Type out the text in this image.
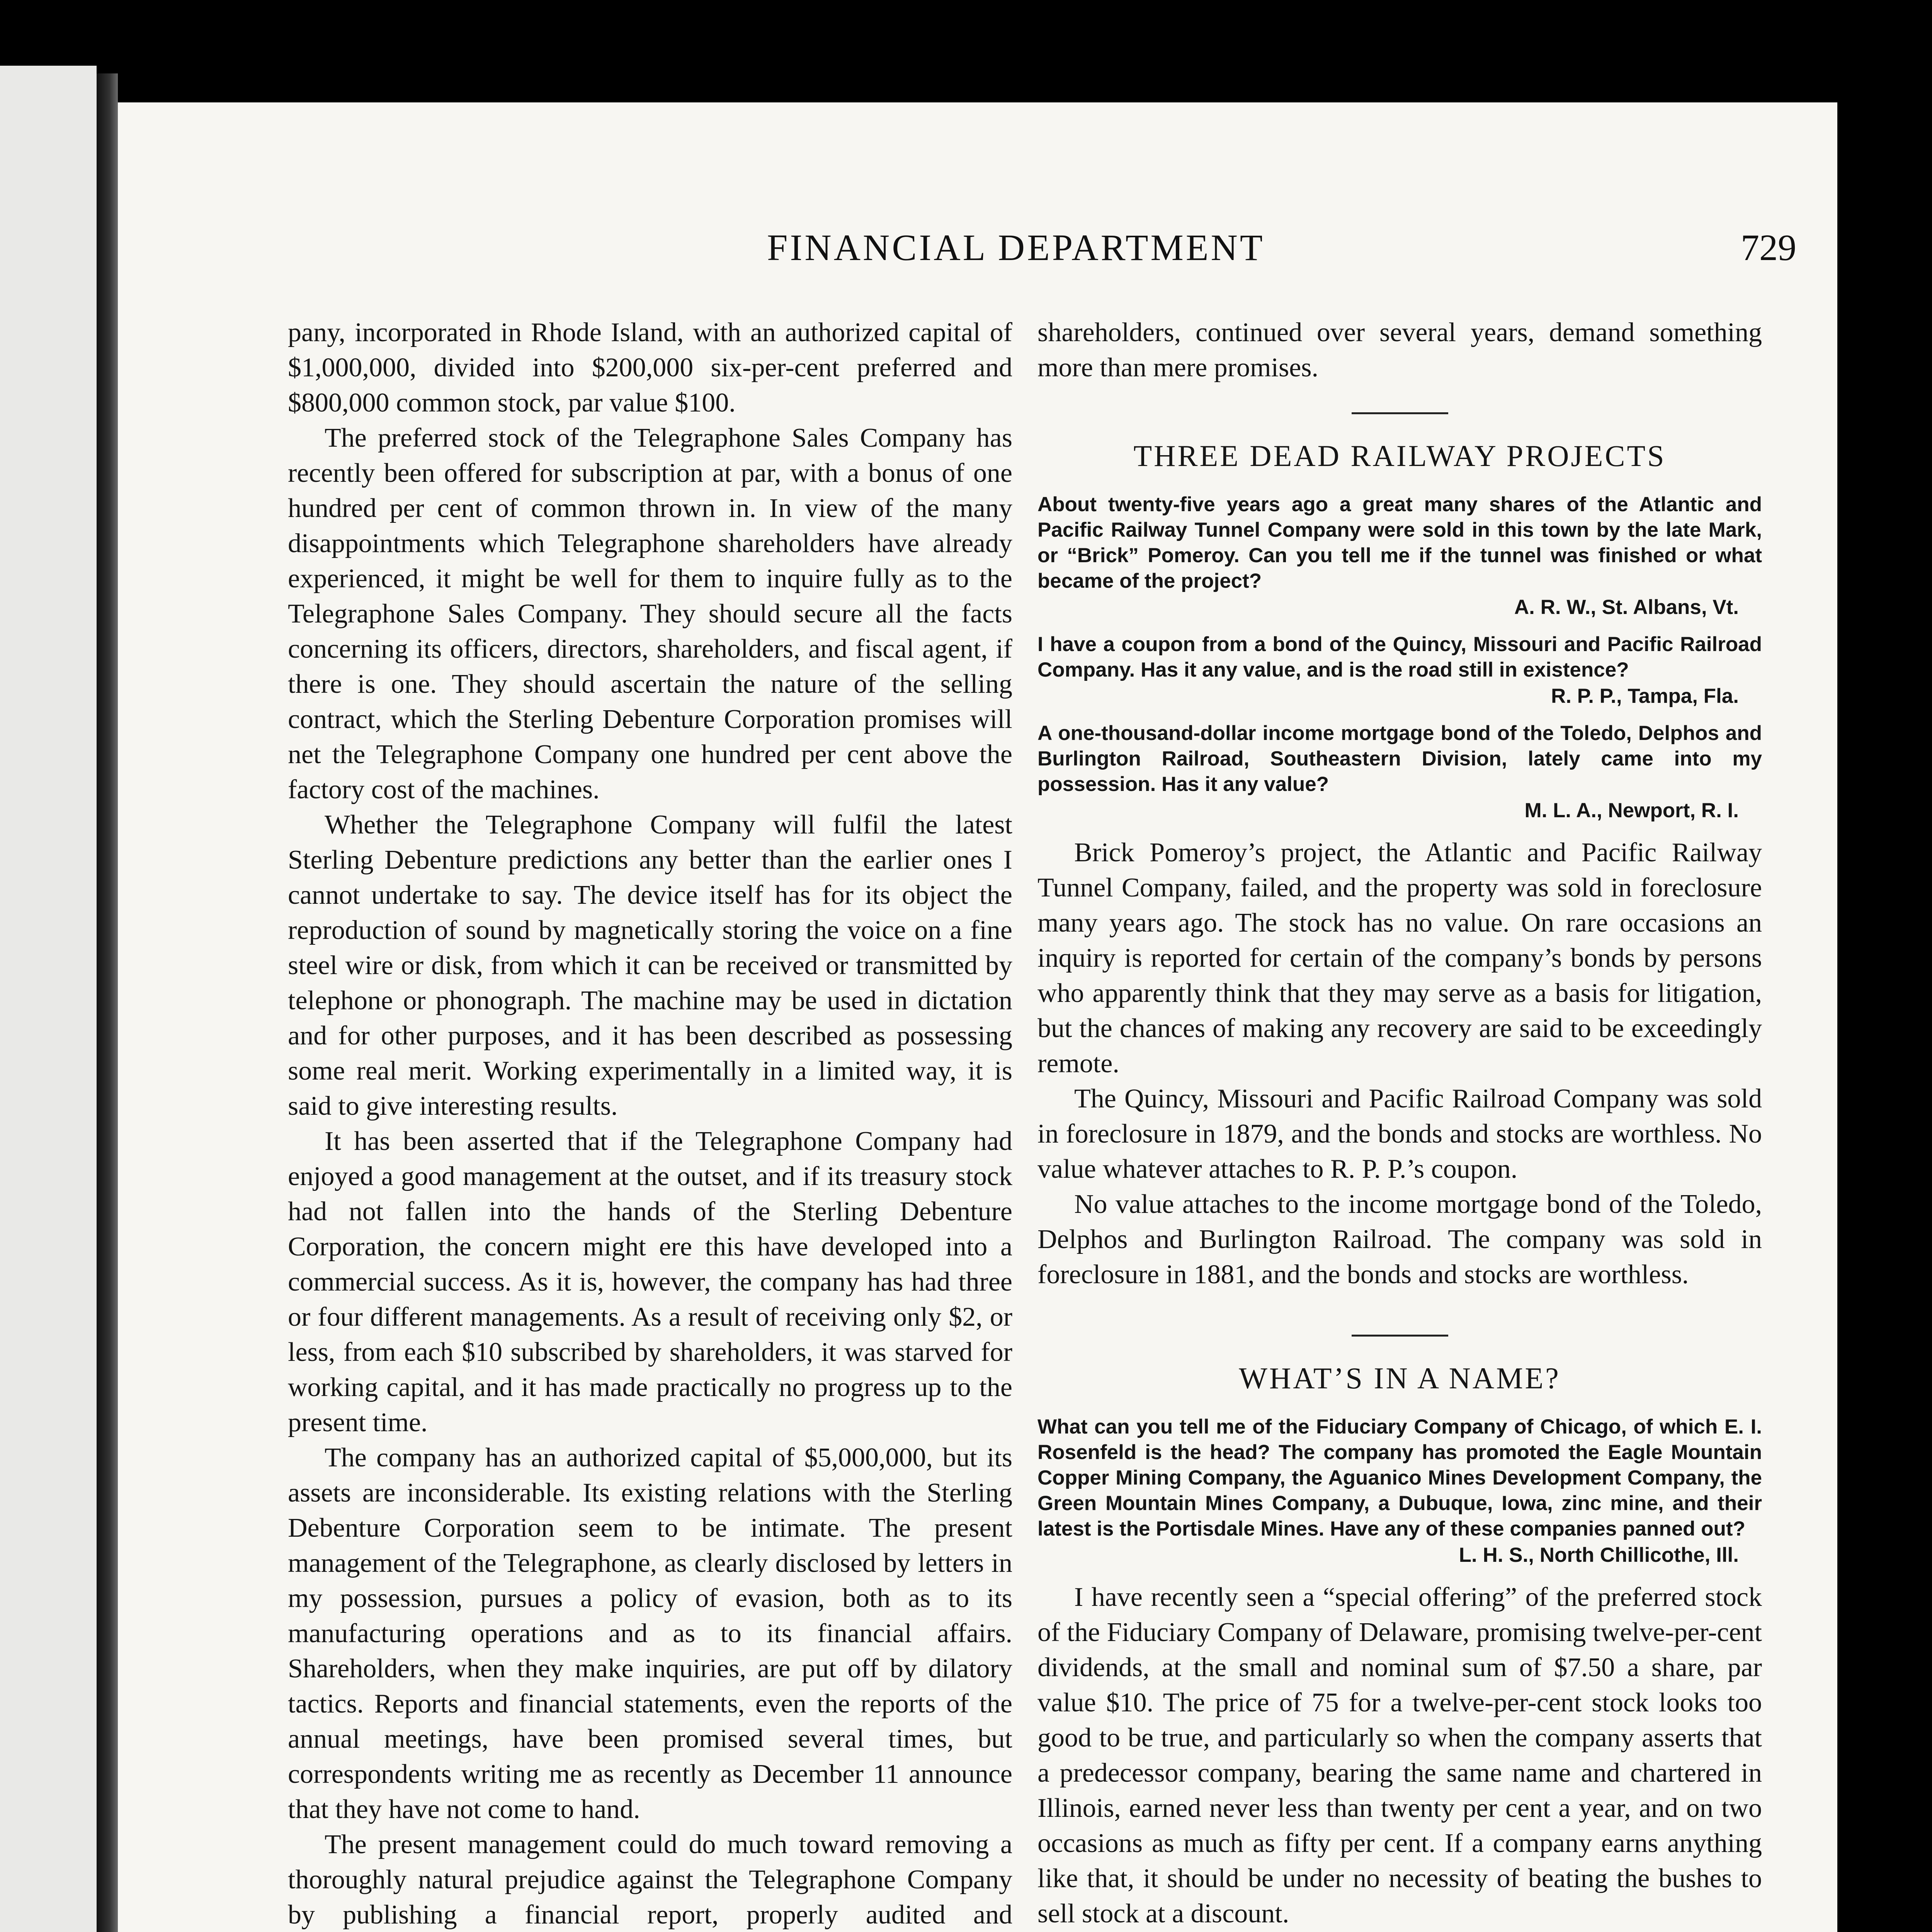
FINANCIAL DEPARTMENT	729

pany, incorporated in Rhode Island, with an authorized capital of $1,000,000, divided into $200,000 six-per-cent preferred and $800,000 common stock, par value $100.

The preferred stock of the Telegraphone Sales Company has recently been offered for subscription at par, with a bonus of one hundred per cent of common thrown in. In view of the many disappointments which Telegraphone shareholders have already experienced, it might be well for them to inquire fully as to the Telegraphone Sales Company. They should secure all the facts concerning its officers, directors, shareholders, and fiscal agent, if there is one. They should ascertain the nature of the selling contract, which the Sterling Debenture Corporation promises will net the Telegraphone Company one hundred per cent above the factory cost of the machines.

Whether the Telegraphone Company will fulfil the latest Sterling Debenture predictions any better than the earlier ones I cannot undertake to say. The device itself has for its object the reproduction of sound by magnetically storing the voice on a fine steel wire or disk, from which it can be received or transmitted by telephone or phonograph. The machine may be used in dictation and for other purposes, and it has been described as possessing some real merit. Working experimentally in a limited way, it is said to give interesting results.

It has been asserted that if the Telegraphone Company had enjoyed a good management at the outset, and if its treasury stock had not fallen into the hands of the Sterling Debenture Corporation, the concern might ere this have developed into a commercial success. As it is, however, the company has had three or four different managements. As a result of receiving only $2, or less, from each $10 subscribed by shareholders, it was starved for working capital, and it has made practically no progress up to the present time.

The company has an authorized capital of $5,000,000, but its assets are inconsiderable. Its existing relations with the Sterling Debenture Corporation seem to be intimate. The present management of the Telegraphone, as clearly disclosed by letters in my possession, pursues a policy of evasion, both as to its manufacturing operations and as to its financial affairs. Shareholders, when they make inquiries, are put off by dilatory tactics. Reports and financial statements, even the reports of the annual meetings, have been promised several times, but correspondents writing me as recently as December 11 announce that they have not come to hand.

The present management could do much toward removing a thoroughly natural prejudice against the Telegraphone Company by publishing a financial report, properly audited and

shareholders, continued over several years, demand something more than mere promises.

THREE DEAD RAILWAY PROJECTS

About twenty-five years ago a great many shares of the Atlantic and Pacific Railway Tunnel Company were sold in this town by the late Mark, or “Brick” Pomeroy. Can you tell me if the tunnel was finished or what became of the project?

A. R. W., St. Albans, Vt.

I have a coupon from a bond of the Quincy, Missouri and Pacific Railroad Company. Has it any value, and is the road still in existence?

R. P. P., Tampa, Fla.

A one-thousand-dollar income mortgage bond of the Toledo, Delphos and Burlington Railroad, Southeastern Division, lately came into my possession. Has it any value?

M. L. A., Newport, R. I.

Brick Pomeroy’s project, the Atlantic and Pacific Railway Tunnel Company, failed, and the property was sold in foreclosure many years ago. The stock has no value. On rare occasions an inquiry is reported for certain of the company’s bonds by persons who apparently think that they may serve as a basis for litigation, but the chances of making any recovery are said to be exceedingly remote.

The Quincy, Missouri and Pacific Railroad Company was sold in foreclosure in 1879, and the bonds and stocks are worthless. No value whatever attaches to R. P. P.’s coupon.

No value attaches to the income mortgage bond of the Toledo, Delphos and Burlington Railroad. The company was sold in foreclosure in 1881, and the bonds and stocks are worthless.

WHAT’S IN A NAME?

What can you tell me of the Fiduciary Company of Chicago, of which E. I. Rosenfeld is the head? The company has promoted the Eagle Mountain Copper Mining Company, the Aguanico Mines Development Company, the Green Mountain Mines Company, a Dubuque, Iowa, zinc mine, and their latest is the Portisdale Mines. Have any of these companies panned out?

L. H. S., North Chillicothe, Ill.

I have recently seen a “special offering” of the preferred stock of the Fiduciary Company of Delaware, promising twelve-per-cent dividends, at the small and nominal sum of $7.50 a share, par value $10. The price of 75 for a twelve-per-cent stock looks too good to be true, and particularly so when the company asserts that a predecessor company, bearing the same name and chartered in Illinois, earned never less than twenty per cent a year, and on two occasions as much as fifty per cent. If a company earns anything like that, it should be under no necessity of beating the bushes to sell stock at a discount.
